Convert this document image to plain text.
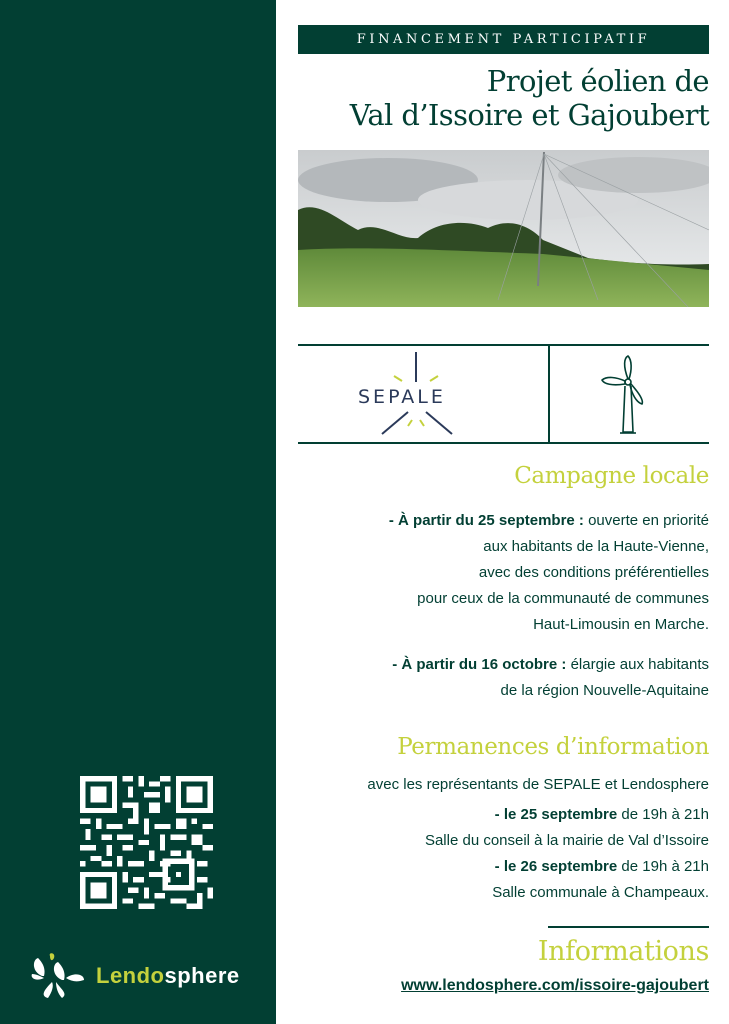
Lendosphere
FINANCEMENT PARTICIPATIF
Projet éolien de
Val d’Issoire et Gajoubert
SEPALE
Campagne locale
- À partir du 25 septembre : ouverte en priorité
aux habitants de la Haute-Vienne,
avec des conditions préférentielles
pour ceux de la communauté de communes
Haut-Limousin en Marche.
- À partir du 16 octobre : élargie aux habitants
de la région Nouvelle-Aquitaine
Permanences d’information
avec les représentants de SEPALE et Lendosphere
- le 25 septembre de 19h à 21h
Salle du conseil à la mairie de Val d’Issoire
- le 26 septembre de 19h à 21h
Salle communale à Champeaux.
Informations
www.lendosphere.com/issoire-gajoubert
